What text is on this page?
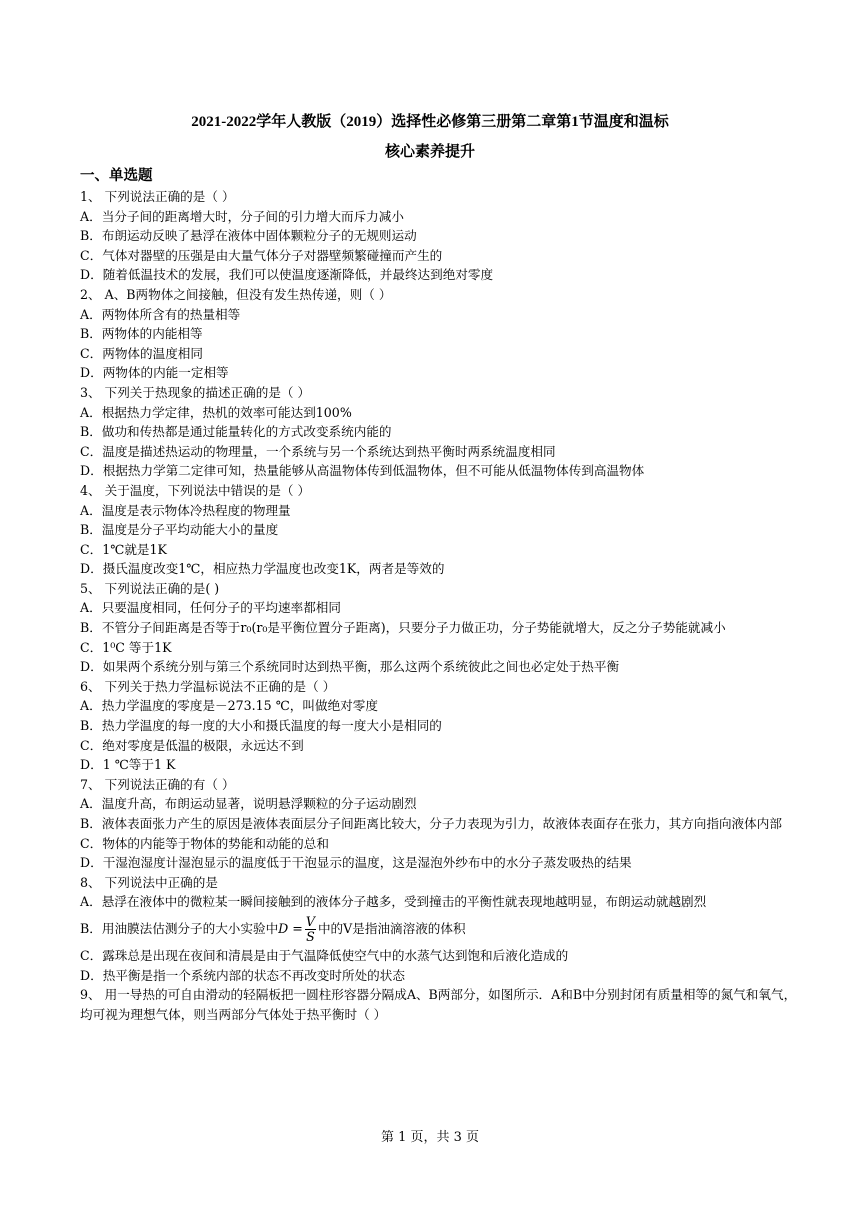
2021-2022学年人教版（2019）选择性必修第三册第二章第1节温度和温标
核心素养提升
一、单选题
1、 下列说法正确的是（ ）
A．当分子间的距离增大时，分子间的引力增大而斥力减小
B．布朗运动反映了悬浮在液体中固体颗粒分子的无规则运动
C．气体对器壁的压强是由大量气体分子对器壁频繁碰撞而产生的
D．随着低温技术的发展，我们可以使温度逐渐降低，并最终达到绝对零度
2、 A、B两物体之间接触，但没有发生热传递，则（ ）
A．两物体所含有的热量相等
B．两物体的内能相等
C．两物体的温度相同
D．两物体的内能一定相等
3、 下列关于热现象的描述正确的是（ ）
A．根据热力学定律，热机的效率可能达到100%
B．做功和传热都是通过能量转化的方式改变系统内能的
C．温度是描述热运动的物理量，一个系统与另一个系统达到热平衡时两系统温度相同
D．根据热力学第二定律可知，热量能够从高温物体传到低温物体，但不可能从低温物体传到高温物体
4、 关于温度，下列说法中错误的是（ ）
A．温度是表示物体冷热程度的物理量
B．温度是分子平均动能大小的量度
C．1℃就是1K
D．摄氏温度改变1℃，相应热力学温度也改变1K，两者是等效的
5、 下列说法正确的是( )
A．只要温度相同，任何分子的平均速率都相同
B．不管分子间距离是否等于r₀(r₀是平衡位置分子距离)，只要分子力做正功，分子势能就增大，反之分子势能就减小
C．1⁰C 等于1K
D．如果两个系统分别与第三个系统同时达到热平衡，那么这两个系统彼此之间也必定处于热平衡
6、 下列关于热力学温标说法不正确的是（ ）
A．热力学温度的零度是－273.15 ℃，叫做绝对零度
B．热力学温度的每一度的大小和摄氏温度的每一度大小是相同的
C．绝对零度是低温的极限，永远达不到
D．1 ℃等于1 K
7、 下列说法正确的有（ ）
A．温度升高，布朗运动显著，说明悬浮颗粒的分子运动剧烈
B．液体表面张力产生的原因是液体表面层分子间距离比较大，分子力表现为引力，故液体表面存在张力，其方向指向液体内部
C．物体的内能等于物体的势能和动能的总和
D．干湿泡湿度计湿泡显示的温度低于干泡显示的温度，这是湿泡外纱布中的水分子蒸发吸热的结果
8、 下列说法中正确的是
A．悬浮在液体中的微粒某一瞬间接触到的液体分子越多，受到撞击的平衡性就表现地越明显，布朗运动就越剧烈
B．用油膜法估测分子的大小实验中$D = \frac{V}{S}$ 中的V是指油滴溶液的体积
C．露珠总是出现在夜间和清晨是由于气温降低使空气中的水蒸气达到饱和后液化造成的
D．热平衡是指一个系统内部的状态不再改变时所处的状态
9、 用一导热的可自由滑动的轻隔板把一圆柱形容器分隔成A、B两部分，如图所示．A和B中分别封闭有质量相等的氮气和氧气，均可视为理想气体，则当两部分气体处于热平衡时（ ）
第 1 页，共 3 页
